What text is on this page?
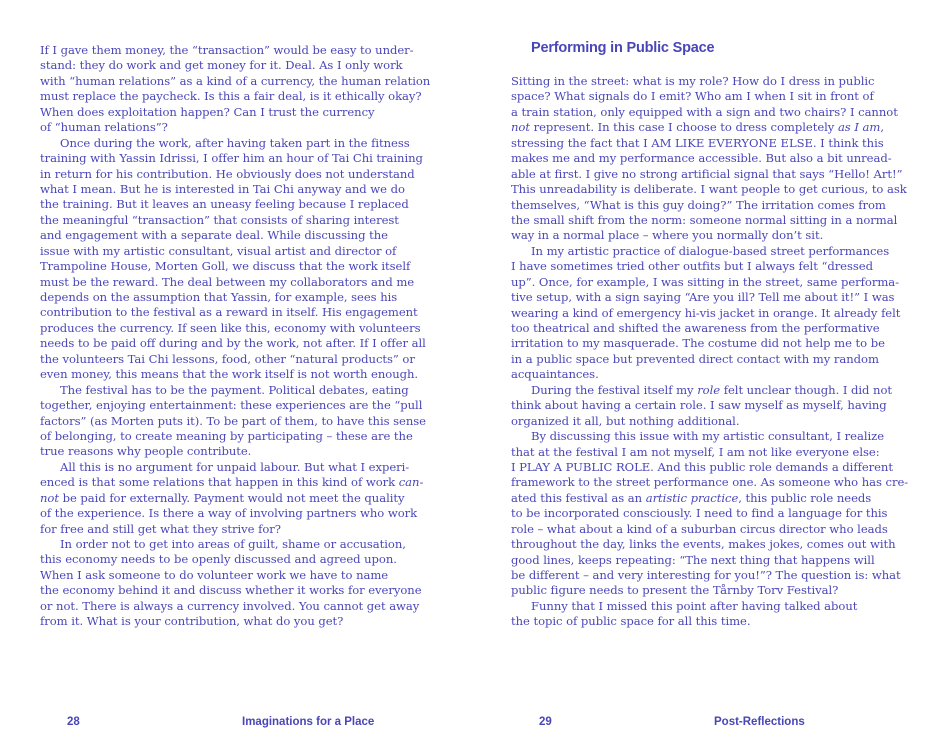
If I gave them money, the “transaction” would be easy to under-
stand: they do work and get money for it. Deal. As I only work
with “human relations” as a kind of a currency, the human relation
must replace the paycheck. Is this a fair deal, is it ethically okay?
When does exploitation happen? Can I trust the currency
of “human relations”?
Once during the work, after having taken part in the fitness
training with Yassin Idrissi, I offer him an hour of Tai Chi training
in return for his contribution. He obviously does not understand
what I mean. But he is interested in Tai Chi anyway and we do
the training. But it leaves an uneasy feeling because I replaced
the meaningful “transaction” that consists of sharing interest
and engagement with a separate deal. While discussing the
issue with my artistic consultant, visual artist and director of
Trampoline House, Morten Goll, we discuss that the work itself
must be the reward. The deal between my collaborators and me
depends on the assumption that Yassin, for example, sees his
contribution to the festival as a reward in itself. His engagement
produces the currency. If seen like this, economy with volunteers
needs to be paid off during and by the work, not after. If I offer all
the volunteers Tai Chi lessons, food, other “natural products” or
even money, this means that the work itself is not worth enough.
The festival has to be the payment. Political debates, eating
together, enjoying entertainment: these experiences are the “pull
factors” (as Morten puts it). To be part of them, to have this sense
of belonging, to create meaning by participating – these are the
true reasons why people contribute.
All this is no argument for unpaid labour. But what I experi-
enced is that some relations that happen in this kind of work can-
not be paid for externally. Payment would not meet the quality
of the experience. Is there a way of involving partners who work
for free and still get what they strive for?
In order not to get into areas of guilt, shame or accusation,
this economy needs to be openly discussed and agreed upon.
When I ask someone to do volunteer work we have to name
the economy behind it and discuss whether it works for everyone
or not. There is always a currency involved. You cannot get away
from it. What is your contribution, what do you get?
28	Imaginations for a Place
Performing in Public Space
Sitting in the street: what is my role? How do I dress in public
space? What signals do I emit? Who am I when I sit in front of
a train station, only equipped with a sign and two chairs? I cannot
not represent. In this case I choose to dress completely as I am,
stressing the fact that I AM LIKE EVERYONE ELSE. I think this
makes me and my performance accessible. But also a bit unread-
able at first. I give no strong artificial signal that says “Hello! Art!”
This unreadability is deliberate. I want people to get curious, to ask
themselves, “What is this guy doing?” The irritation comes from
the small shift from the norm: someone normal sitting in a normal
way in a normal place – where you normally don’t sit.
In my artistic practice of dialogue-based street performances
I have sometimes tried other outfits but I always felt “dressed
up”. Once, for example, I was sitting in the street, same performa-
tive setup, with a sign saying “Are you ill? Tell me about it!” I was
wearing a kind of emergency hi-vis jacket in orange. It already felt
too theatrical and shifted the awareness from the performative
irritation to my masquerade. The costume did not help me to be
in a public space but prevented direct contact with my random
acquaintances.
During the festival itself my role felt unclear though. I did not
think about having a certain role. I saw myself as myself, having
organized it all, but nothing additional.
By discussing this issue with my artistic consultant, I realize
that at the festival I am not myself, I am not like everyone else:
I PLAY A PUBLIC ROLE. And this public role demands a different
framework to the street performance one. As someone who has cre-
ated this festival as an artistic practice, this public role needs
to be incorporated consciously. I need to find a language for this
role – what about a kind of a suburban circus director who leads
throughout the day, links the events, makes jokes, comes out with
good lines, keeps repeating: “The next thing that happens will
be different – and very interesting for you!”? The question is: what
public figure needs to present the Tårnby Torv Festival?
Funny that I missed this point after having talked about
the topic of public space for all this time.
29	Post-Reflections
